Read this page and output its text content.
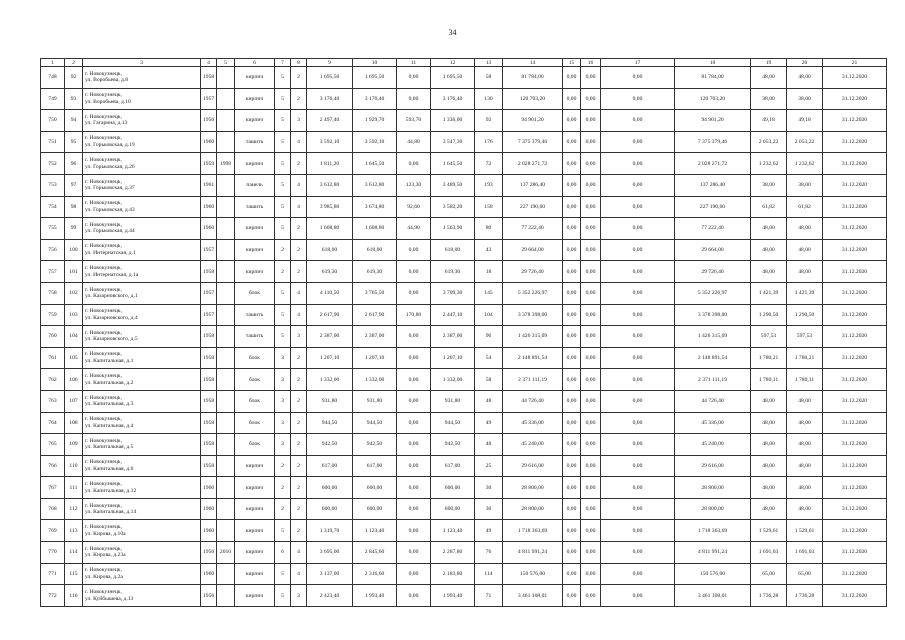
34
1	2	3	4	5	6	7	8	9	10	11	12	13	14	15	16	17	18	19	20	21
748	92	г. Новокузнецк,
ул. Воробьева, д.8	1958		кирпич	5	2	1 695,50	1 695,50	0,00	1 695,50	58	81 784,00	0,00	0,00	0,00	81 784,00	48,00	48,00	31.12.2020
749	93	г. Новокузнецк,
ул. Воробьева, д.10	1957		кирпич	5	2	3 176,40	3 176,40	0,00	3 176,40	130	120 703,20	0,00	0,00	0,00	120 703,20	38,00	38,00	31.12.2020
750	94	г. Новокузнецк,
ул. Гагарина, д.13	1956		кирпич	5	3	2 497,40	1 929,70	593,70	1 336,00	92	94 901,20	0,00	0,00	0,00	94 901,20	49,18	49,18	31.12.2020
751	95	г. Новокузнецк,
ул. Горьковская, д.19	1960		ташить	5	4	3 592,10	3 592,10	44,80	3 547,30	176	7 375 379,46	0,00	0,00	0,00	7 375 379,46	2 053,22	2 053,22	31.12.2020
752	96	г. Новокузнецк,
ул. Горьковская, д.26	1959	1998	кирпич	5	2	1 811,20	1 645,50	0,00	1 645,50	72	2 028 271,72	0,00	0,00	0,00	2 028 271,72	1 232,62	1 232,62	31.12.2020
753	97	г. Новокузнецк,
ул. Горьковская, д.37	1961		панель	5	4	3 612,80	3 612,80	123,30	3 489,50	193	137 286,40	0,00	0,00	0,00	137 286,40	38,00	38,00	31.12.2020
754	98	г. Новокузнецк,
ул. Горьковская, д.43	1960		ташить	5	4	3 985,80	3 674,80	92,60	3 582,20	158	227 190,60	0,00	0,00	0,00	227 190,60	61,82	61,82	31.12.2020
755	99	г. Новокузнецк,
ул. Горьковская, д.44	1960		кирпич	5	2	1 608,80	1 608,80	44,90	1 563,90	80	77 222,40	0,00	0,00	0,00	77 222,40	48,00	48,00	31.12.2020
756	100	г. Новокузнецк,
ул. Интернатская, д.1	1957		кирпич	2	2	618,00	618,00	0,00	618,00	43	29 664,00	0,00	0,00	0,00	29 664,00	48,00	48,00	31.12.2020
757	101	г. Новокузнецк,
ул. Интернатская, д.1а	1958		кирпич	2	2	619,30	619,30	0,00	619,30	18	29 726,40	0,00	0,00	0,00	29 726,40	48,00	48,00	31.12.2020
758	102	г. Новокузнецк,
ул. Казарновского, д.1	1957		блок	5	4	4 110,50	3 765,50	0,00	3 709,30	145	5 352 226,97	0,00	0,00	0,00	5 352 226,97	1 421,39	1 421,39	31.12.2020
759	103	г. Новокузнецк,
ул. Казарновского, д.4	1957		ташить	5	4	2 617,90	2 617,90	170,80	2 447,10	104	3 378 398,00	0,00	0,00	0,00	3 378 398,00	1 290,50	1 290,50	31.12.2020
760	104	г. Новокузнецк,
ул. Казарновского, д.5	1958		ташить	5	3	2 387,00	2 387,00	0,00	2 387,00	96	1 426 315,09	0,00	0,00	0,00	1 426 315,09	597,53	597,53	31.12.2020
761	105	г. Новокузнецк,
ул. Капитальная, д.1	1958		блок	3	2	1 207,10	1 207,10	0,00	1 207,10	54	2 148 891,54	0,00	0,00	0,00	2 148 891,54	1 780,21	1 780,21	31.12.2020
762	106	г. Новокузнецк,
ул. Капитальная, д.2	1958		блок	3	2	1 332,00	1 332,00	0,00	1 332,00	58	2 371 111,19	0,00	0,00	0,00	2 371 111,19	1 780,11	1 780,11	31.12.2020
763	107	г. Новокузнецк,
ул. Капитальная, д.3	1958		блок	3	2	931,80	931,80	0,00	931,80	48	44 726,40	0,00	0,00	0,00	44 726,40	48,00	48,00	31.12.2020
764	108	г. Новокузнецк,
ул. Капитальная, д.4	1958		блок	3	2	944,50	944,50	0,00	944,50	49	45 336,00	0,00	0,00	0,00	45 336,00	48,00	48,00	31.12.2020
765	109	г. Новокузнецк,
ул. Капитальная, д.5	1958		блок	3	2	942,50	942,50	0,00	942,50	48	45 240,00	0,00	0,00	0,00	45 240,00	48,00	48,00	31.12.2020
766	110	г. Новокузнецк,
ул. Капитальная, д.6	1958		кирпич	2	2	617,00	617,00	0,00	617,00	25	29 616,00	0,00	0,00	0,00	29 616,00	48,00	48,00	31.12.2020
767	111	г. Новокузнецк,
ул. Капитальная, д.12	1960		кирпич	2	2	600,00	600,00	0,00	600,00	30	28 800,00	0,00	0,00	0,00	28 800,00	48,00	48,00	31.12.2020
768	112	г. Новокузнецк,
ул. Капитальная, д.14	1960		кирпич	2	2	600,00	600,00	0,00	600,00	30	28 800,00	0,00	0,00	0,00	28 800,00	48,00	48,00	31.12.2020
769	113	г. Новокузнецк,
ул. Кирова, д.10а	1960		кирпич	5	2	1 319,70	1 123,40	0,00	1 123,40	49	1 718 363,69	0,00	0,00	0,00	1 718 363,69	1 529,61	1 529,61	31.12.2020
770	114	г. Новокузнецк,
ул. Кирова, д.23а	1956	2010	кирпич	6	4	3 695,00	2 845,60	0,00	2 287,80	76	4 811 991,24	0,00	0,00	0,00	4 811 991,24	1 691,03	1 691,03	31.12.2020
771	115	г. Новокузнецк,
ул. Кирова, д.2а	1960		кирпич	5	4	3 137,00	2 316,60	0,00	2 183,80	114	150 576,00	0,00	0,00	0,00	150 576,00	65,00	65,00	31.12.2020
772	116	г. Новокузнецк,
ул. Куйбышева, д.13	1956		кирпич	5	3	2 423,40	1 993,40	0,00	1 993,40	71	3 461 108,01	0,00	0,00	0,00	3 461 108,01	1 736,28	1 736,28	31.12.2020
